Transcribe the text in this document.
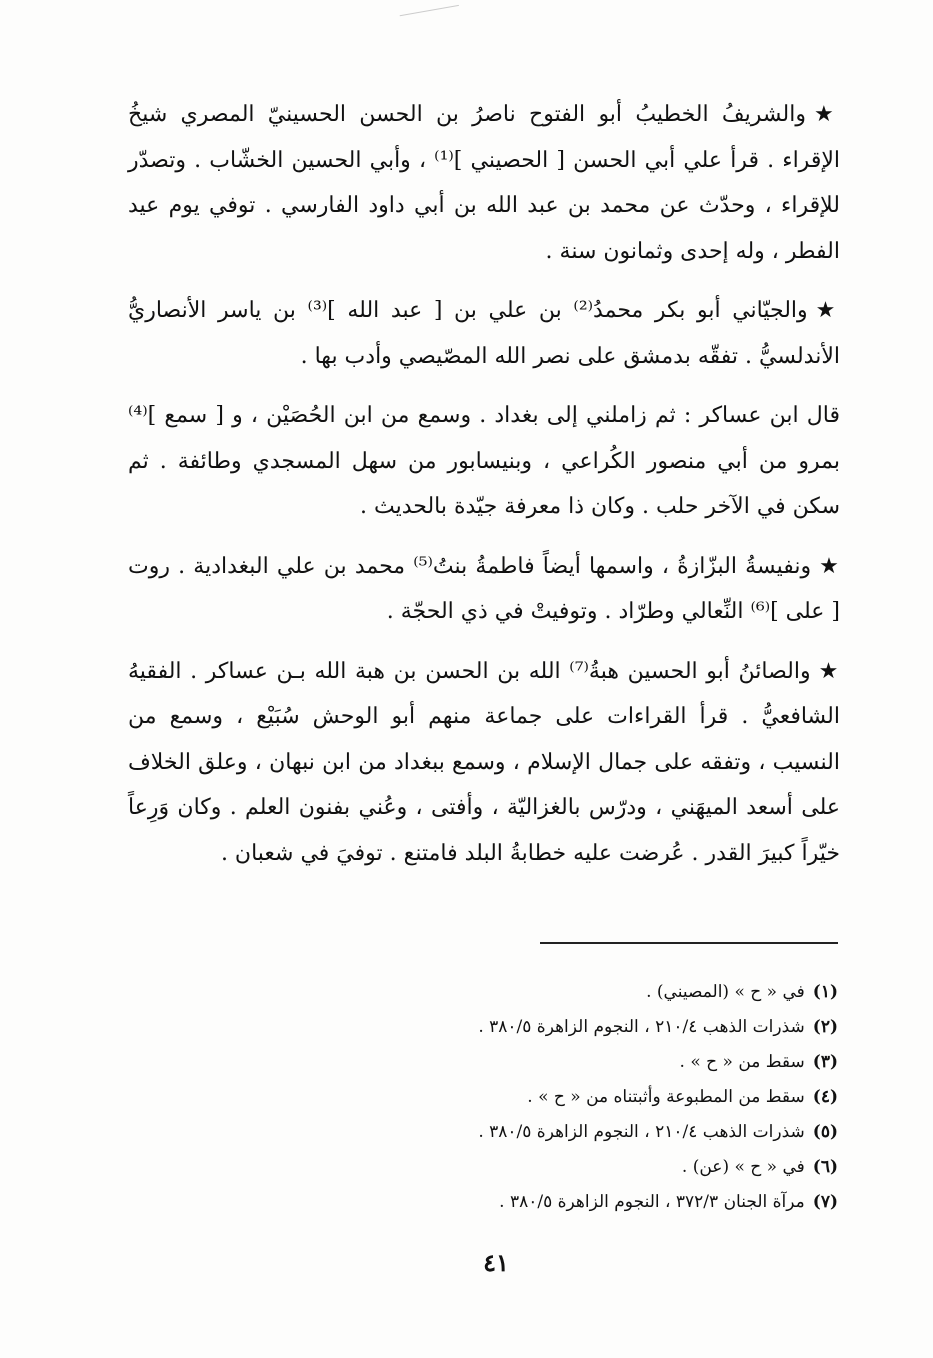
★والشريفُ الخطيبُ أبو الفتوح ناصرُ بن الحسن الحسينيّ المصري شيخُ الإقراء . قرأ علي أبي الحسن [ الحصيني ]⁽¹⁾ ، وأبي الحسين الخشّاب . وتصدّر للإقراء ، وحدّث عن محمد بن عبد الله بن أبي داود الفارسي . توفي يوم عيد الفطر ، وله إحدى وثمانون سنة .

★والجيّاني أبو بكر محمدُ⁽²⁾ بن علي بن [ عبد الله ]⁽³⁾ بن ياسر الأنصاريُّ الأندلسيُّ . تفقّه بدمشق على نصر الله المصّيصي وأدب بها .

قال ابن عساكر : ثم زاملني إلى بغداد . وسمع من ابن الحُصَيْن ، و [ سمع ]⁽⁴⁾ بمرو من أبي منصور الكُراعي ، وبنيسابور من سهل المسجدي وطائفة . ثم سكن في الآخر حلب . وكان ذا معرفة جيّدة بالحديث .

★ونفيسةُ البزّازةُ ، واسمها أيضاً فاطمةُ بنتُ⁽⁵⁾ محمد بن علي البغدادية . روت [ على ]⁽⁶⁾ النِّعالي وطرّاد . وتوفيتْ في ذي الحجّة .

★والصائنُ أبو الحسين هبةُ⁽⁷⁾ الله بن الحسن بن هبة الله بـن عساكر . الفقيهُ الشافعيُّ . قرأ القراءات على جماعة منهم أبو الوحش سُبَيْع ، وسمع من النسيب ، وتفقه على جمال الإسلام ، وسمع ببغداد من ابن نبهان ، وعلق الخلاف على أسعد الميهَني ، ودرّس بالغزاليّة ، وأفتى ، وعُني بفنون العلم . وكان وَرِعاً خيّراً كبيرَ القدر . عُرضت عليه خطابةُ البلد فامتنع . توفيَ في شعبان .

(١)في « ح » (المصيني) .
(٢)شذرات الذهب ٢١٠/٤ ، النجوم الزاهرة ٣٨٠/٥ .
(٣)سقط من « ح » .
(٤)سقط من المطبوعة وأثبتناه من « ح » .
(٥)شذرات الذهب ٢١٠/٤ ، النجوم الزاهرة ٣٨٠/٥ .
(٦)في « ح » (عن) .
(٧)مرآة الجنان ٣٧٢/٣ ، النجوم الزاهرة ٣٨٠/٥ .
٤١
